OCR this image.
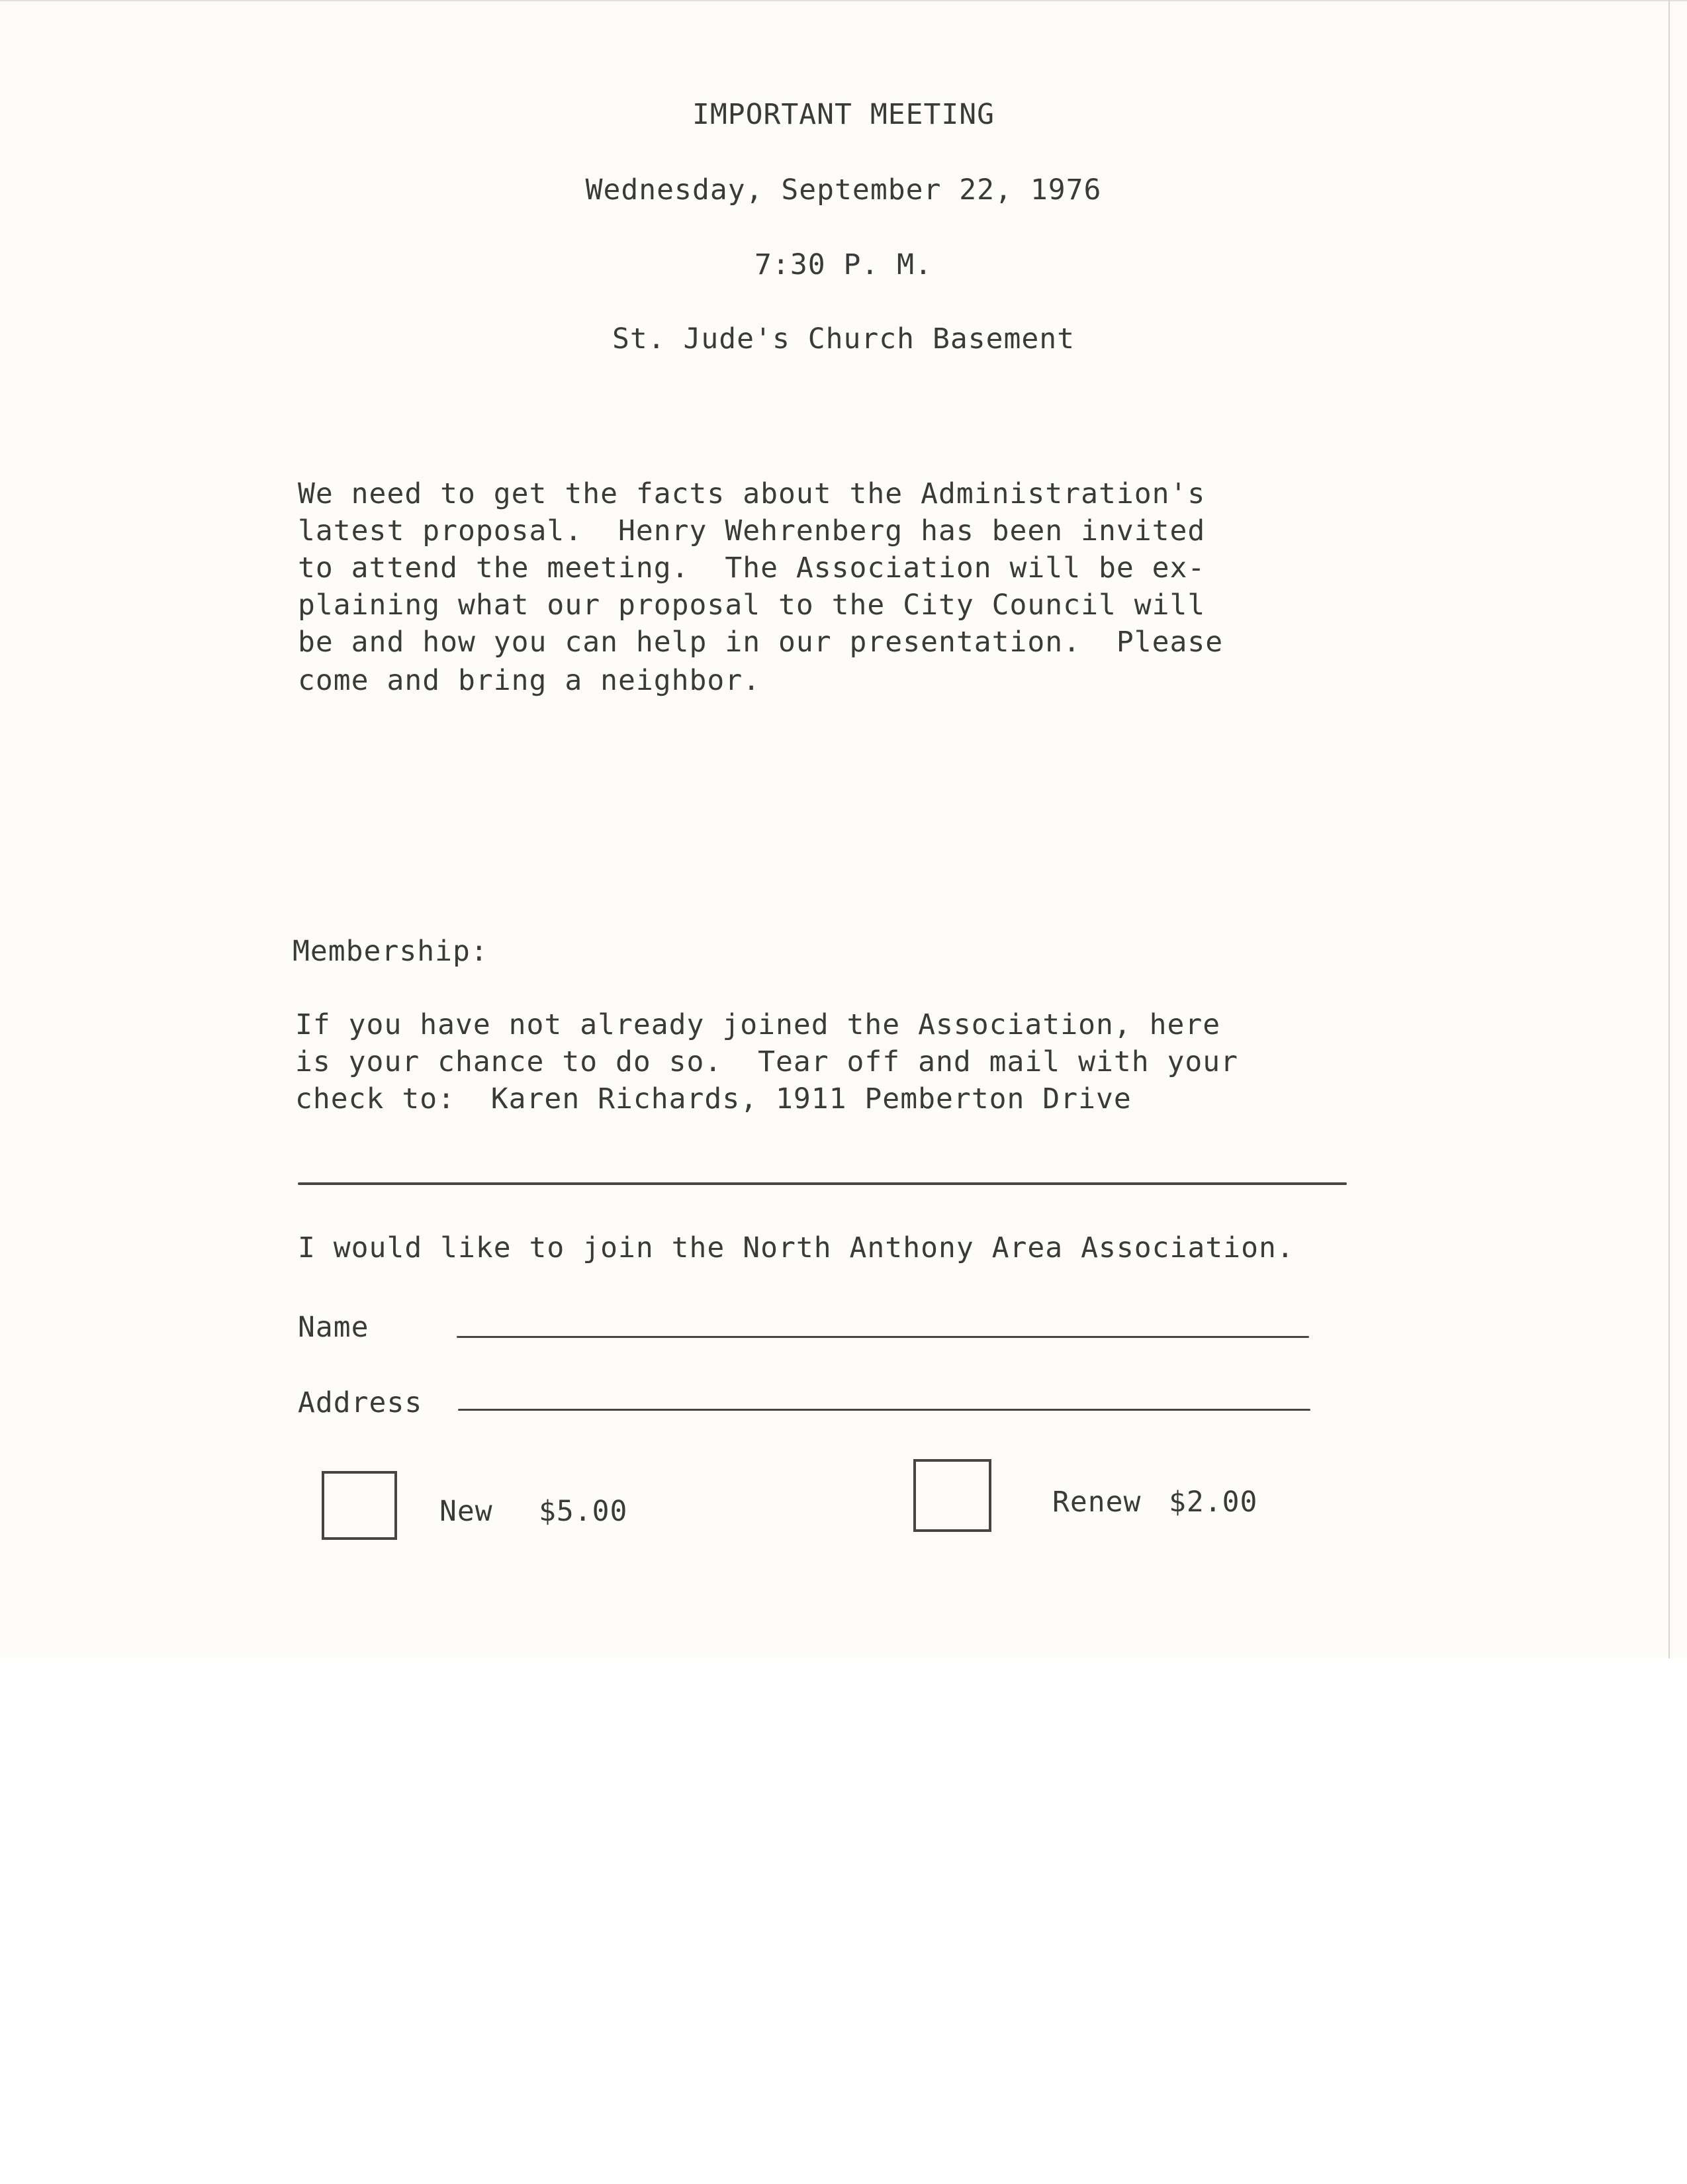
IMPORTANT MEETING
Wednesday, September 22, 1976
7:30 P. M.
St. Jude's Church Basement
We need to get the facts about the Administration's
latest proposal.  Henry Wehrenberg has been invited
to attend the meeting.  The Association will be ex-
plaining what our proposal to the City Council will
be and how you can help in our presentation.  Please
come and bring a neighbor.
Membership:
If you have not already joined the Association, here
is your chance to do so.  Tear off and mail with your
check to:  Karen Richards, 1911 Pemberton Drive
I would like to join the North Anthony Area Association.
Name
Address
New $5.00	Renew $2.00
